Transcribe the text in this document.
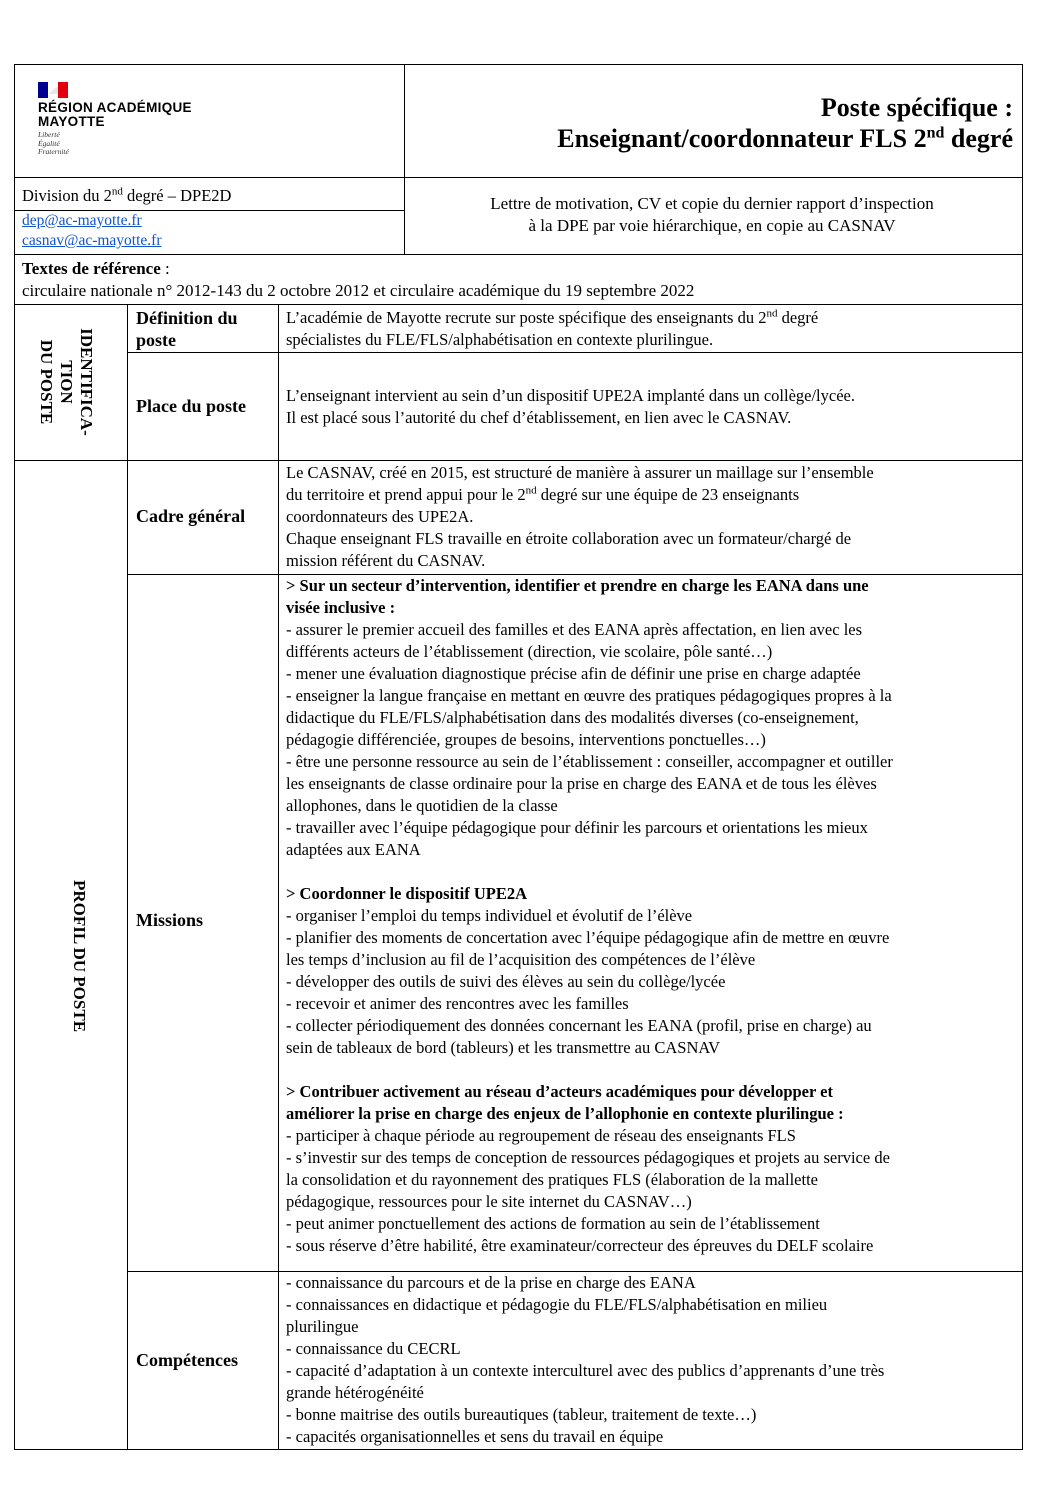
RÉGION ACADÉMIQUE
MAYOTTE
Liberté
Égalité
Fraternité
Poste spécifique :
Enseignant/coordonnateur FLS 2nd degré
Division du 2nd degré – DPE2D
dep@ac-mayotte.fr
casnav@ac-mayotte.fr
Lettre de motivation, CV et copie du dernier rapport d’inspection
à la DPE par voie hiérarchique, en copie au CASNAV
Textes de référence :
circulaire nationale n° 2012-143 du 2 octobre 2012 et circulaire académique du 19 septembre 2022
IDENTIFICA-
TION
DU POSTE
PROFIL DU POSTE
Définition du
poste
L’académie de Mayotte recrute sur poste spécifique des enseignants du 2nd degré
spécialistes du FLE/FLS/alphabétisation en contexte plurilingue.
Place du poste
L’enseignant intervient au sein d’un dispositif UPE2A implanté dans un collège/lycée.
Il est placé sous l’autorité du chef d’établissement, en lien avec le CASNAV.
Cadre général
Le CASNAV, créé en 2015, est structuré de manière à assurer un maillage sur l’ensemble
du territoire et prend appui pour le 2nd degré sur une équipe de 23 enseignants
coordonnateurs des UPE2A.
Chaque enseignant FLS travaille en étroite collaboration avec un formateur/chargé de
mission référent du CASNAV.
Missions

> Sur un secteur d’intervention, identifier et prendre en charge les EANA dans une

visée inclusive :

- assurer le premier accueil des familles et des EANA après affectation, en lien avec les

différents acteurs de l’établissement (direction, vie scolaire, pôle santé…)

- mener une évaluation diagnostique précise afin de définir une prise en charge adaptée

- enseigner la langue française en mettant en œuvre des pratiques pédagogiques propres à la

didactique du FLE/FLS/alphabétisation dans des modalités diverses (co-enseignement,

pédagogie différenciée, groupes de besoins, interventions ponctuelles…)

- être une personne ressource au sein de l’établissement : conseiller, accompagner et outiller

les enseignants de classe ordinaire pour la prise en charge des EANA et de tous les élèves

allophones, dans le quotidien de la classe

- travailler avec l’équipe pédagogique pour définir les parcours et orientations les mieux

adaptées aux EANA

> Coordonner le dispositif UPE2A

- organiser l’emploi du temps individuel et évolutif de l’élève

- planifier des moments de concertation avec l’équipe pédagogique afin de mettre en œuvre

les temps d’inclusion au fil de l’acquisition des compétences de l’élève

- développer des outils de suivi des élèves au sein du collège/lycée

- recevoir et animer des rencontres avec les familles

- collecter périodiquement des données concernant les EANA (profil, prise en charge) au

sein de tableaux de bord (tableurs) et les transmettre au CASNAV

> Contribuer activement au réseau d’acteurs académiques pour développer et

améliorer la prise en charge des enjeux de l’allophonie en contexte plurilingue :

- participer à chaque période au regroupement de réseau des enseignants FLS

- s’investir sur des temps de conception de ressources pédagogiques et projets au service de

la consolidation et du rayonnement des pratiques FLS (élaboration de la mallette

pédagogique, ressources pour le site internet du CASNAV…)

- peut animer ponctuellement des actions de formation au sein de l’établissement

- sous réserve d’être habilité, être examinateur/correcteur des épreuves du DELF scolaire

Compétences
- connaissance du parcours et de la prise en charge des EANA
- connaissances en didactique et pédagogie du FLE/FLS/alphabétisation en milieu
plurilingue
- connaissance du CECRL
- capacité d’adaptation à un contexte interculturel avec des publics d’apprenants d’une très
grande hétérogénéité
- bonne maitrise des outils bureautiques (tableur, traitement de texte…)
- capacités organisationnelles et sens du travail en équipe
